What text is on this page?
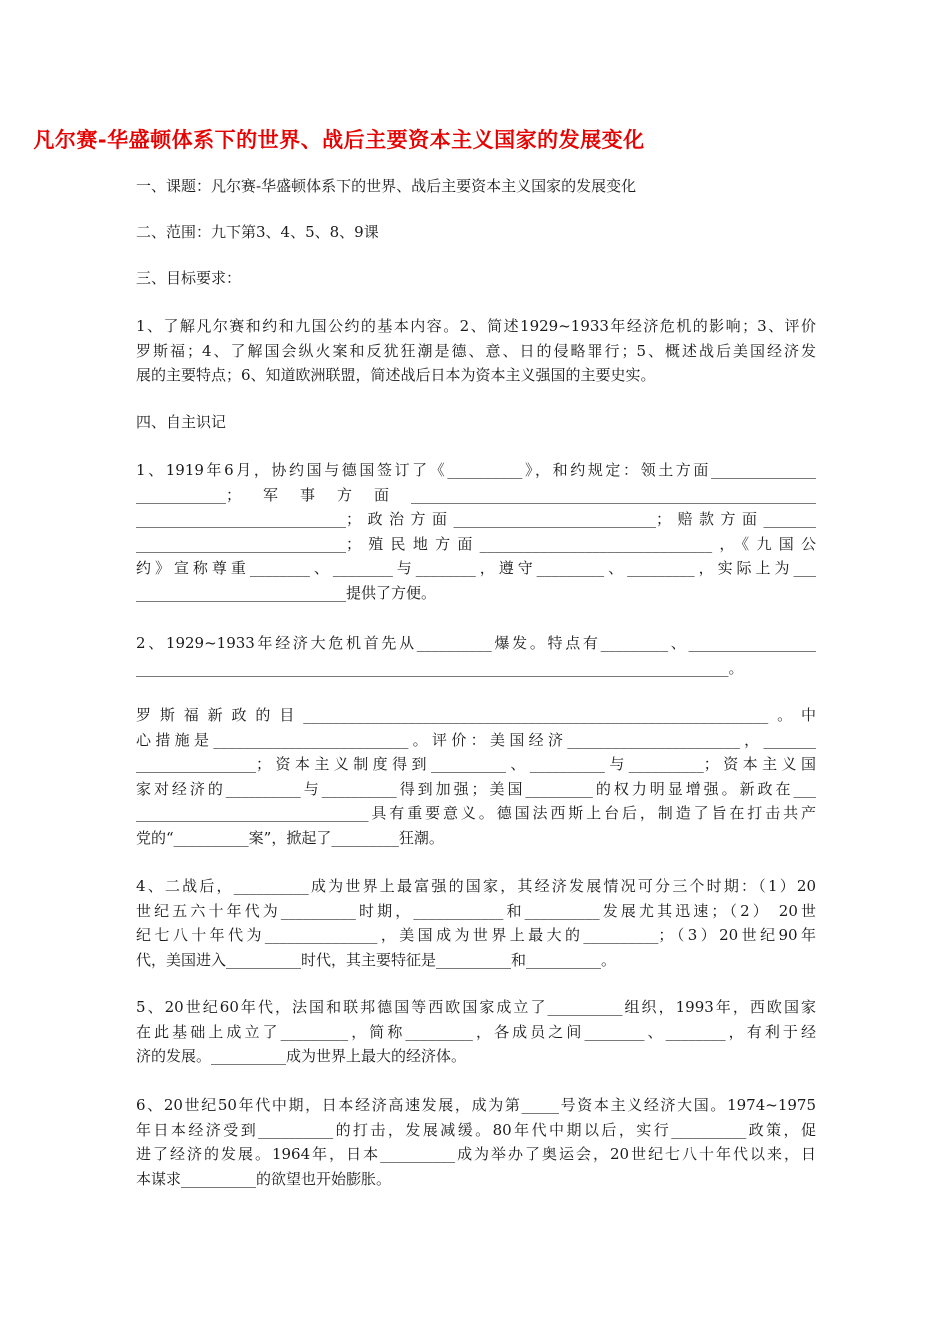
凡尔赛-华盛顿体系下的世界、战后主要资本主义国家的发展变化

一、课题：凡尔赛-华盛顿体系下的世界、战后主要资本主义国家的发展变化

二、范围：九下第3、4、5、8、9课

三、目标要求：

1、了解凡尔赛和约和九国公约的基本内容。2、简述1929~1933年经济危机的影响；3、评价
罗斯福；4、了解国会纵火案和反犹狂潮是德、意、日的侵略罪行；5、概述战后美国经济发
展的主要特点；6、知道欧洲联盟，简述战后日本为资本主义强国的主要史实。

四、自主识记

1、1919年6月，协约国与德国签订了《__________》，和约规定：领土方面______________
____________；军事方面______________________________________________________
____________________________；政治方面___________________________；赔款方面_______
____________________________；殖民地方面_______________________________，《九国公
约》宣称尊重________、________与________，遵守_________、_________，实际上为___
____________________________提供了方便。
2、1929~1933年经济大危机首先从__________爆发。特点有_________、_________________
_______________________________________________________________________________。
罗斯福新政的目______________________________________________________________。中
心措施是__________________________。评价：美国经济_______________________，_______
________________；资本主义制度得到__________、__________与__________；资本主义国
家对经济的__________与__________得到加强；美国_________的权力明显增强。新政在___
_______________________________具有重要意义。德国法西斯上台后，制造了旨在打击共产
党的“__________案”，掀起了_________狂潮。
4、二战后，__________成为世界上最富强的国家，其经济发展情况可分三个时期：（1）20
世纪五六十年代为__________时期，____________和__________发展尤其迅速；（2） 20世
纪七八十年代为_______________，美国成为世界上最大的__________；（3）20世纪90年
代，美国进入__________时代，其主要特征是__________和__________。
5、20世纪60年代，法国和联邦德国等西欧国家成立了__________组织，1993年，西欧国家
在此基础上成立了_________，简称_________，各成员之间________、________，有利于经
济的发展。__________成为世界上最大的经济体。
6、20世纪50年代中期，日本经济高速发展，成为第_____号资本主义经济大国。1974~1975
年日本经济受到__________的打击，发展减缓。80年代中期以后，实行__________政策，促
进了经济的发展。1964年，日本__________成为举办了奥运会，20世纪七八十年代以来，日
本谋求__________的欲望也开始膨胀。
